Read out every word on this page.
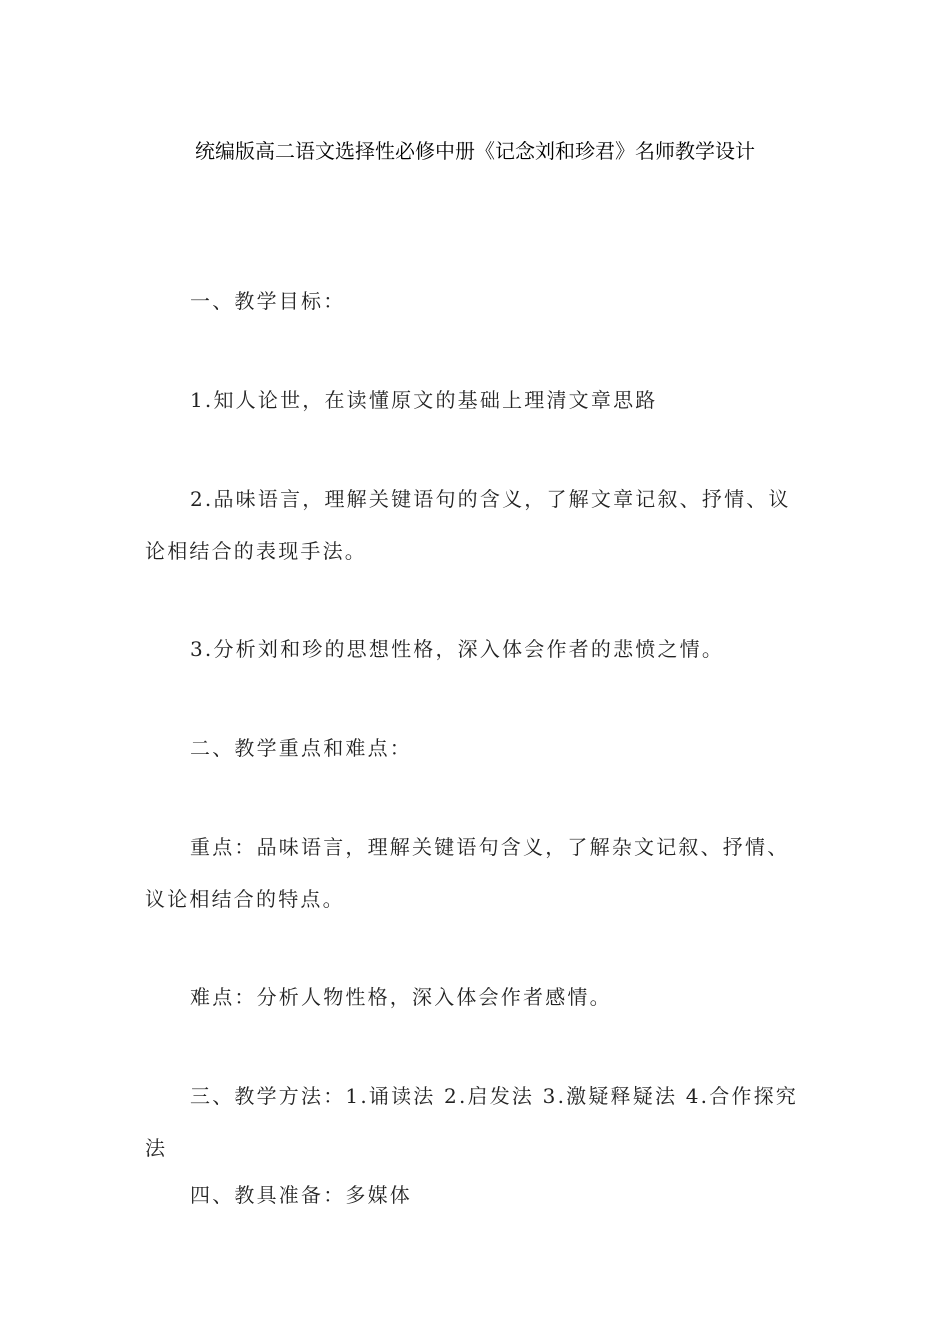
统编版高二语文选择性必修中册《记念刘和珍君》名师教学设计

一、教学目标：

1.知人论世，在读懂原文的基础上理清文章思路

2.品味语言，理解关键语句的含义，了解文章记叙、抒情、议论相结合的表现手法。

3.分析刘和珍的思想性格，深入体会作者的悲愤之情。

二、教学重点和难点：

重点：品味语言，理解关键语句含义，了解杂文记叙、抒情、议论相结合的特点。

难点：分析人物性格，深入体会作者感情。

三、教学方法：1.诵读法 2.启发法 3.激疑释疑法 4.合作探究法

四、教具准备：多媒体
